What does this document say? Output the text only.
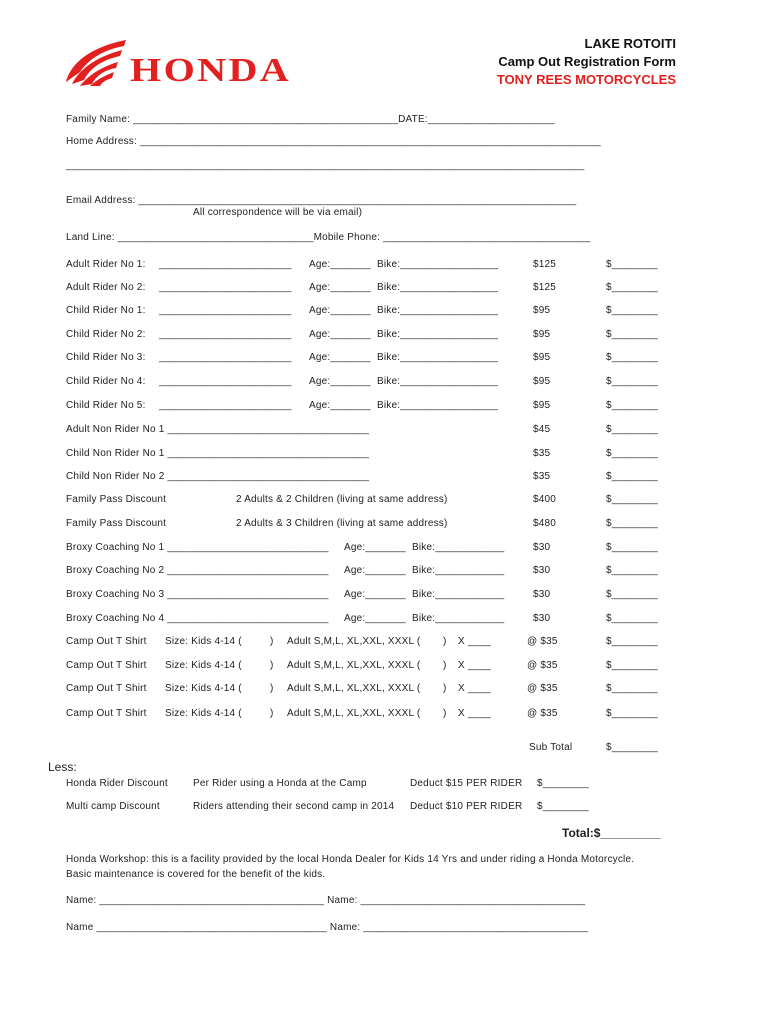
HONDA
LAKE ROTOITI
Camp Out Registration Form
TONY REES MOTORCYCLES
Family Name: ______________________________________________DATE:______________________
Home Address: ________________________________________________________________________________
__________________________________________________________________________________________
Email Address: ____________________________________________________________________________
All correspondence will be via email)
Land Line: __________________________________Mobile Phone: ____________________________________
Adult Rider No 1: _______________________ Age:_______ Bike:_________________	$125	$________
Adult Rider No 2: _______________________ Age:_______ Bike:_________________	$125	$________
Child Rider No 1: _______________________ Age:_______ Bike:_________________	$95	$________
Child Rider No 2: _______________________ Age:_______ Bike:_________________	$95	$________
Child Rider No 3: _______________________ Age:_______ Bike:_________________	$95	$________
Child Rider No 4: _______________________ Age:_______ Bike:_________________	$95	$________
Child Rider No 5: _______________________ Age:_______ Bike:_________________	$95	$________
Adult Non Rider No 1 ___________________________________	$45	$________
Child Non Rider No 1 ___________________________________	$35	$________
Child Non Rider No 2 ___________________________________	$35	$________
Family Pass Discount	2 Adults & 2 Children (living at same address)	$400	$________
Family Pass Discount	2 Adults & 3 Children (living at same address)	$480	$________
Broxy Coaching No 1 ____________________________ Age:_______ Bike:____________	$30	$________
Broxy Coaching No 2 ____________________________ Age:_______ Bike:____________	$30	$________
Broxy Coaching No 3 ____________________________ Age:_______ Bike:____________	$30	$________
Broxy Coaching No 4 ____________________________ Age:_______ Bike:____________	$30	$________
Camp Out T Shirt Size: Kids 4-14 (	) Adult S,M,L, XL,XXL, XXXL ( ) X ____	@ $35	$________
Camp Out T Shirt Size: Kids 4-14 (	) Adult S,M,L, XL,XXL, XXXL ( ) X ____	@ $35	$________
Camp Out T Shirt Size: Kids 4-14 (	) Adult S,M,L, XL,XXL, XXXL ( ) X ____	@ $35	$________
Camp Out T Shirt Size: Kids 4-14 (	) Adult S,M,L, XL,XXL, XXXL ( ) X ____	@ $35	$________
Sub Total	$________
Less:
Honda Rider Discount	Per Rider using a Honda at the Camp	Deduct $15 PER RIDER $________
Multi camp Discount	Riders attending their second camp in 2014 Deduct $10 PER RIDER $________
Total:$_________
Honda Workshop: this is a facility provided by the local Honda Dealer for Kids 14 Yrs and under riding a Honda Motorcycle.
Basic maintenance is covered for the benefit of the kids.
Name: _______________________________________ Name: _______________________________________
Name ________________________________________ Name: _______________________________________
